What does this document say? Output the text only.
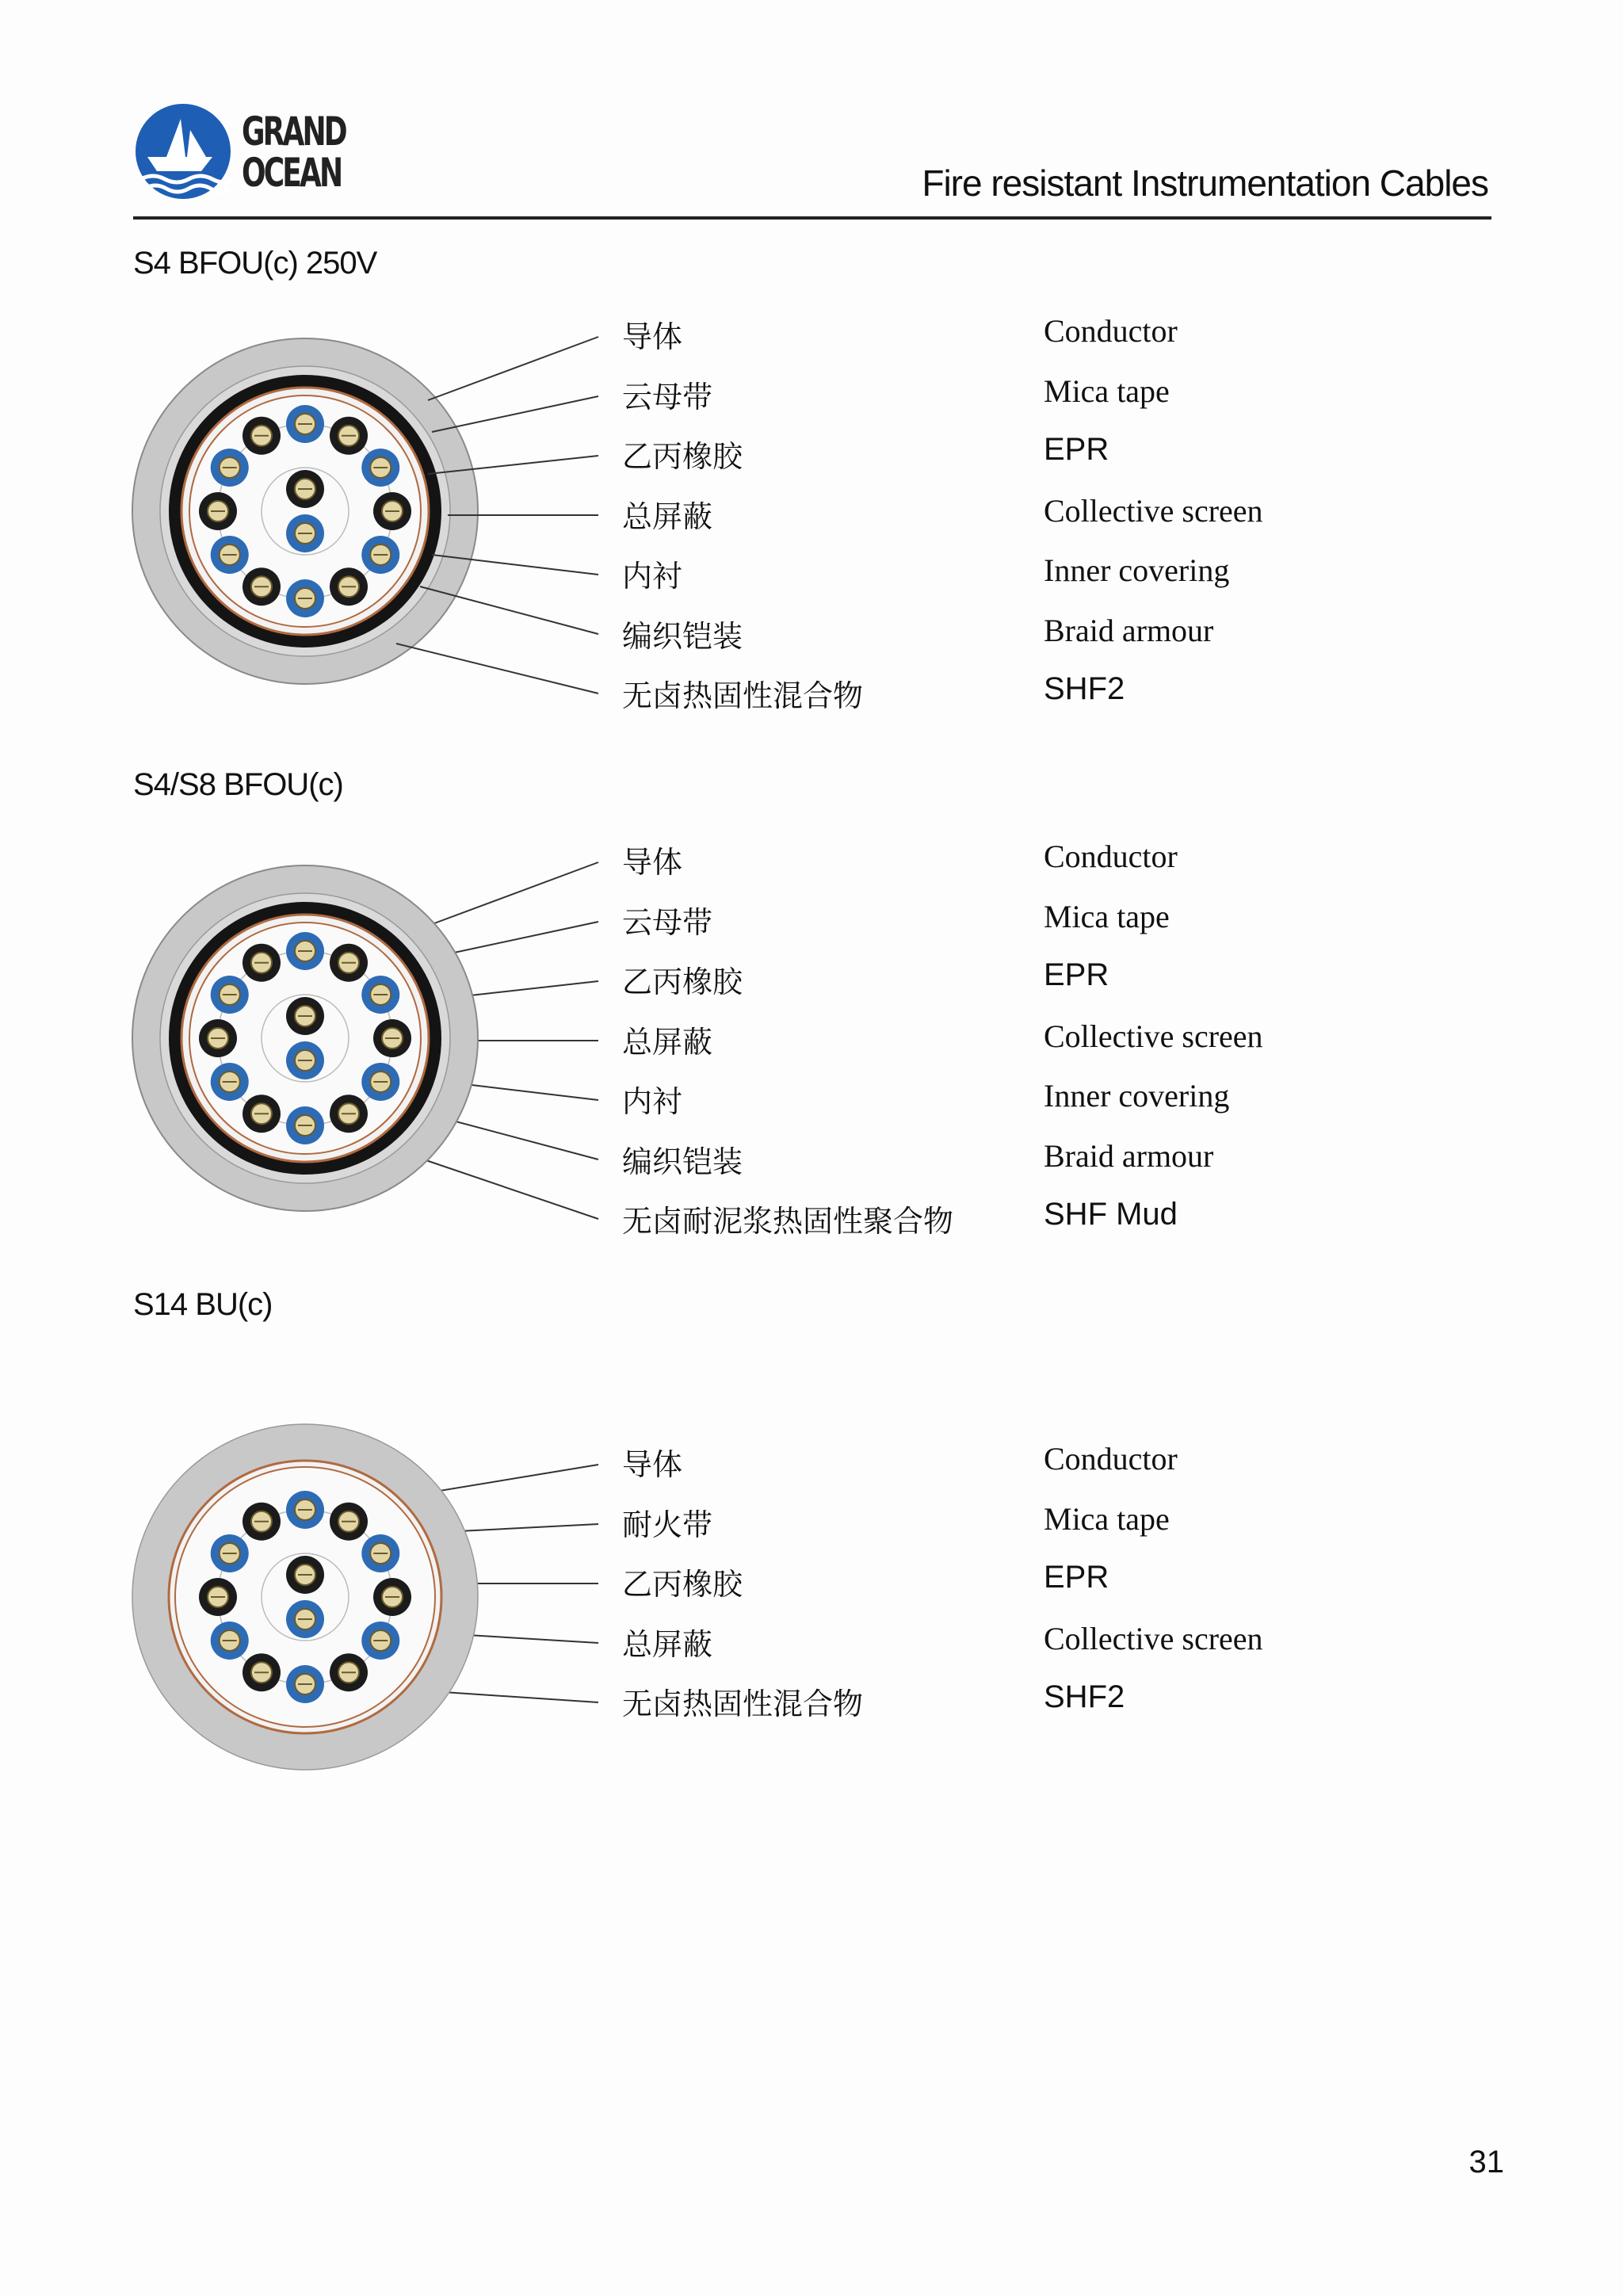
GRAND
OCEAN	Fire resistant Instrumentation Cables
S4 BFOU(c) 250V
导体	Conductor
云母带	Mica tape
乙丙橡胶	EPR
总屏蔽	Collective screen
内衬	Inner covering
编织铠装	Braid armour
无卤热固性混合物	SHF2
S4/S8 BFOU(c)
导体	Conductor
云母带	Mica tape
乙丙橡胶	EPR
总屏蔽	Collective screen
内衬	Inner covering
编织铠装	Braid armour
无卤耐泥浆热固性聚合物	SHF Mud
S14 BU(c)
导体	Conductor
耐火带	Mica tape
乙丙橡胶	EPR
总屏蔽	Collective screen
无卤热固性混合物	SHF2
31
